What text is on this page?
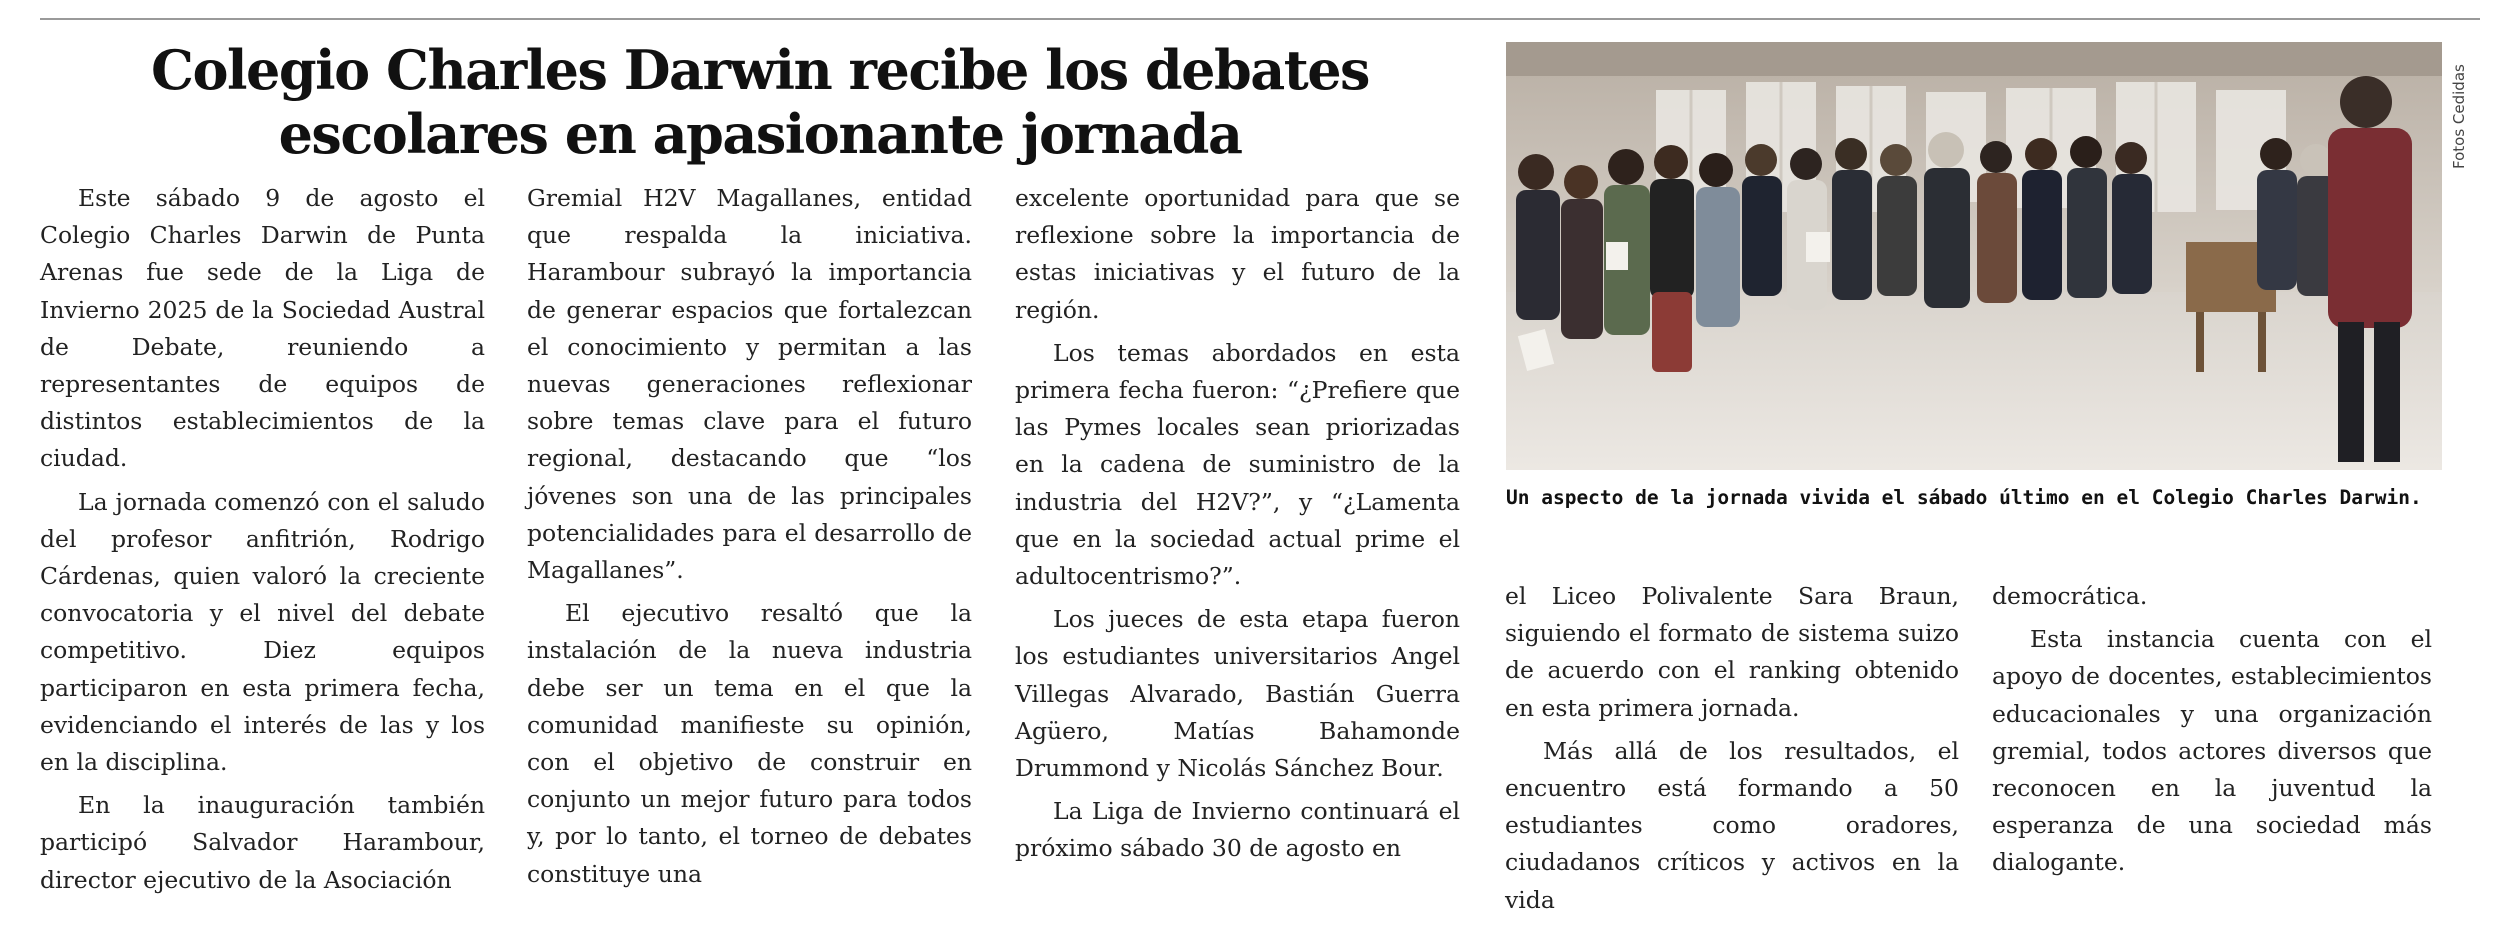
Colegio Charles Darwin recibe los debates
escolares en apasionante jornada

Este sábado 9 de agosto el Colegio Charles Darwin de Punta Arenas fue sede de la Liga de Invierno 2025 de la Sociedad Austral de Debate, reuniendo a representantes de equipos de distintos establecimientos de la ciudad.

La jornada comenzó con el saludo del profesor anfitrión, Rodrigo Cárdenas, quien valoró la creciente convocatoria y el nivel del debate competitivo. Diez equipos participaron en esta primera fecha, evidenciando el interés de las y los en la disciplina.

En la inauguración también participó Salvador Harambour, director ejecutivo de la Asociación

Gremial H2V Magallanes, entidad que respalda la iniciativa. Harambour subrayó la importancia de generar espacios que fortalezcan el conocimiento y permitan a las nuevas generaciones reflexionar sobre temas clave para el futuro regional, destacando que “los jóvenes son una de las principales potencialidades para el desarrollo de Magallanes”.

El ejecutivo resaltó que la instalación de la nueva industria debe ser un tema en el que la comunidad manifieste su opinión, con el objetivo de construir en conjunto un mejor futuro para todos y, por lo tanto, el torneo de debates constituye una

excelente oportunidad para que se reflexione sobre la importancia de estas iniciativas y el futuro de la región.

Los temas abordados en esta primera fecha fueron: “¿Prefiere que las Pymes locales sean priorizadas en la cadena de suministro de la industria del H2V?”, y “¿Lamenta que en la sociedad actual prime el adultocentrismo?”.

Los jueces de esta etapa fueron los estudiantes universitarios Angel Villegas Alvarado, Bastián Guerra Agüero, Matías Bahamonde Drummond y Nicolás Sánchez Bour.

La Liga de Invierno continuará el próximo sábado 30 de agosto en

Fotos Cedidas
Un aspecto de la jornada vivida el sábado último en el Colegio Charles Darwin.

el Liceo Polivalente Sara Braun, siguiendo el formato de sistema suizo de acuerdo con el ranking obtenido en esta primera jornada.

Más allá de los resultados, el encuentro está formando a 50 estudiantes como oradores, ciudadanos críticos y activos en la vida

democrática.

Esta instancia cuenta con el apoyo de docentes, establecimientos educacionales y una organización gremial, todos actores diversos que reconocen en la juventud la esperanza de una sociedad más dialogante.
